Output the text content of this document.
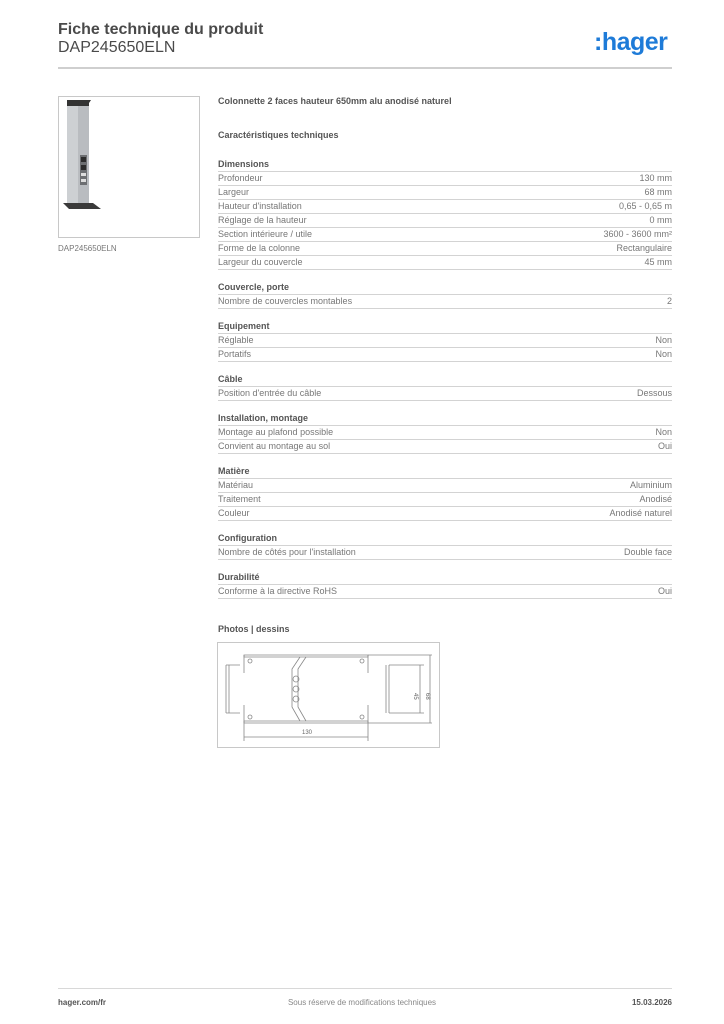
Fiche technique du produit
DAP245650ELN	:hager
DAP245650ELN
Colonnette 2 faces hauteur 650mm alu anodisé naturel
Caractéristiques techniques
Dimensions
Profondeur	130 mm
Largeur	68 mm
Hauteur d'installation	0,65 - 0,65 m
Réglage de la hauteur	0 mm
Section intérieure / utile	3600 - 3600 mm²
Forme de la colonne	Rectangulaire
Largeur du couvercle	45 mm
Couvercle, porte
Nombre de couvercles montables	2
Equipement
Réglable	Non
Portatifs	Non
Câble
Position d'entrée du câble	Dessous
Installation, montage
Montage au plafond possible	Non
Convient au montage au sol	Oui
Matière
Matériau	Aluminium
Traitement	Anodisé
Couleur	Anodisé naturel
Configuration
Nombre de côtés pour l'installation	Double face
Durabilité
Conforme à la directive RoHS	Oui
Photos | dessins
130
45 68
hager.com/fr	Sous réserve de modifications techniques	15.03.2026
